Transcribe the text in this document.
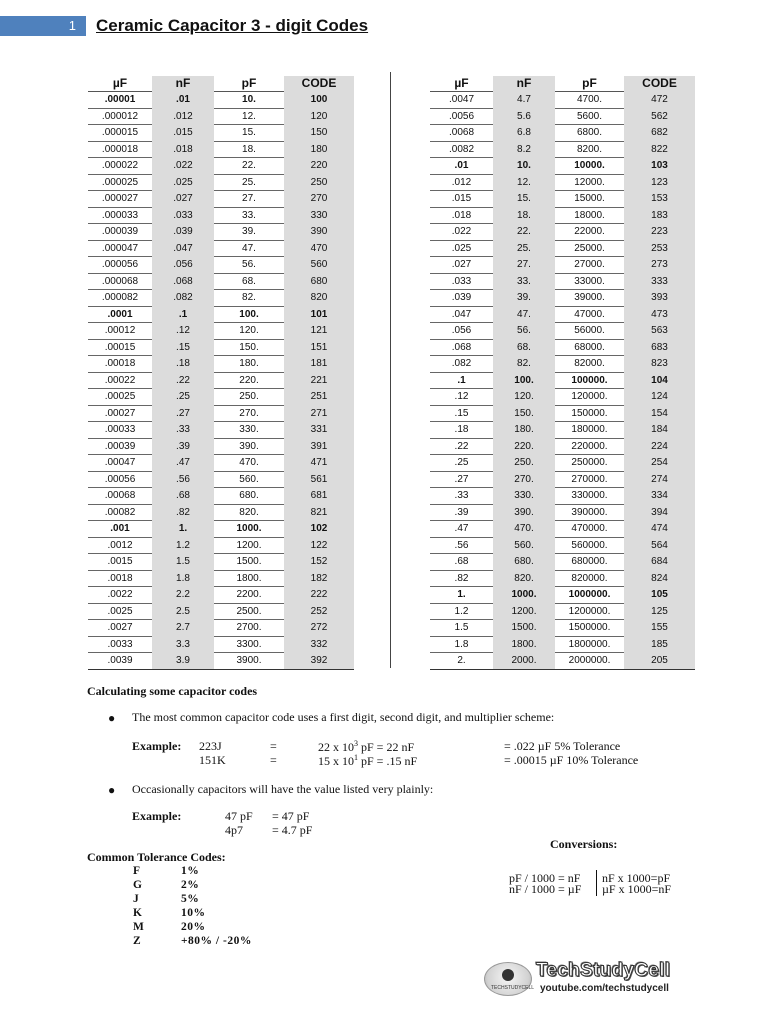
1	Ceramic Capacitor 3 - digit Codes
µF	nF	pF	CODE
.00001	.01	10.	100
.000012	.012	12.	120
.000015	.015	15.	150
.000018	.018	18.	180
.000022	.022	22.	220
.000025	.025	25.	250
.000027	.027	27.	270
.000033	.033	33.	330
.000039	.039	39.	390
.000047	.047	47.	470
.000056	.056	56.	560
.000068	.068	68.	680
.000082	.082	82.	820
.0001	.1	100.	101
.00012	.12	120.	121
.00015	.15	150.	151
.00018	.18	180.	181
.00022	.22	220.	221
.00025	.25	250.	251
.00027	.27	270.	271
.00033	.33	330.	331
.00039	.39	390.	391
.00047	.47	470.	471
.00056	.56	560.	561
.00068	.68	680.	681
.00082	.82	820.	821
.001	1.	1000.	102
.0012	1.2	1200.	122
.0015	1.5	1500.	152
.0018	1.8	1800.	182
.0022	2.2	2200.	222
.0025	2.5	2500.	252
.0027	2.7	2700.	272
.0033	3.3	3300.	332
.0039	3.9	3900.	392
µF	nF	pF	CODE
.0047	4.7	4700.	472
.0056	5.6	5600.	562
.0068	6.8	6800.	682
.0082	8.2	8200.	822
.01	10.	10000.	103
.012	12.	12000.	123
.015	15.	15000.	153
.018	18.	18000.	183
.022	22.	22000.	223
.025	25.	25000.	253
.027	27.	27000.	273
.033	33.	33000.	333
.039	39.	39000.	393
.047	47.	47000.	473
.056	56.	56000.	563
.068	68.	68000.	683
.082	82.	82000.	823
.1	100.	100000.	104
.12	120.	120000.	124
.15	150.	150000.	154
.18	180.	180000.	184
.22	220.	220000.	224
.25	250.	250000.	254
.27	270.	270000.	274
.33	330.	330000.	334
.39	390.	390000.	394
.47	470.	470000.	474
.56	560.	560000.	564
.68	680.	680000.	684
.82	820.	820000.	824
1.	1000.	1000000.	105
1.2	1200.	1200000.	125
1.5	1500.	1500000.	155
1.8	1800.	1800000.	185
2.	2000.	2000000.	205
Calculating some capacitor codes
● The most common capacitor code uses a first digit, second digit, and multiplier scheme:
Example: 223J	=	22 x $10^3$ pF = 22 nF	= .022 µF 5% Tolerance
151K	=	15 x $10^1$ pF = .15 nF	= .00015 µF 10% Tolerance
● Occasionally capacitors will have the value listed very plainly:
Example:	47 pF = 47 pF
4p7 = 4.7 pF
Common Tolerance Codes:
F	1%
G	2%
J	5%
K	10%
M	20%
Z	+80% / -20%
Conversions:
pF / 1000 = nF
nF / 1000 = µF
nF x 1000=pF
µF x 1000=nF
TECHSTUDYCELL
TechStudyCell
youtube.com/techstudycell
